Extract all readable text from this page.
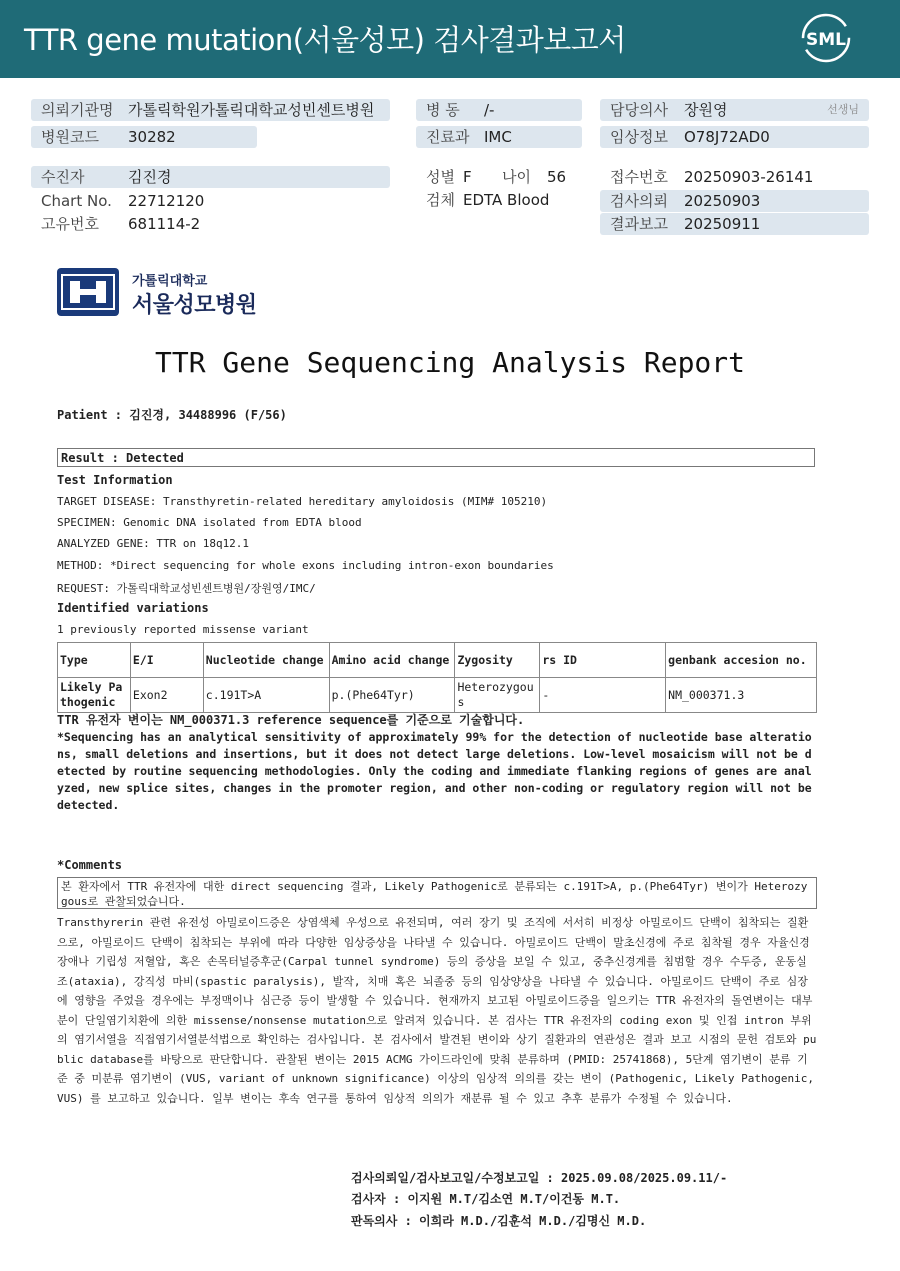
TTR gene mutation(서울성모) 검사결과보고서	SML
의뢰기관명 가톨릭학원가톨릭대학교성빈센트병원
병원코드 30282
수진자	김진경
Chart No. 22712120
고유번호 681114-2
병 동 /-
진료과 IMC
성별 F 나이 56
검체 EDTA Blood
담당의사 장원영	선생님
임상정보 O78J72AD0
접수번호 20250903-26141
검사의뢰 20250903
결과보고 20250911
가톨릭대학교
서울성모병원
TTR Gene Sequencing Analysis Report
Patient : 김진경, 34488996 (F/56)
Result : Detected
Test Information
TARGET DISEASE: Transthyretin-related hereditary amyloidosis (MIM# 105210)
SPECIMEN: Genomic DNA isolated from EDTA blood
ANALYZED GENE: TTR on 18q12.1
METHOD: *Direct sequencing for whole exons including intron-exon boundaries
REQUEST: 가톨릭대학교성빈센트병원/장원영/IMC/
Identified variations
1 previously reported missense variant
Type	E/I	Nucleotide change	Amino acid change	Zygosity	rs ID	genbank accesion no.
Likely Pathogenic	Exon2	c.191T>A	p.(Phe64Tyr)	Heterozygous	-	NM_000371.3
TTR 유전자 변이는 NM_000371.3 reference sequence를 기준으로 기술합니다.
*Sequencing has an analytical sensitivity of approximately 99% for the detection of nucleotide base alterations, small deletions and insertions, but it does not detect large deletions. Low-level mosaicism will not be detected by routine sequencing methodologies. Only the coding and immediate flanking regions of genes are analyzed, new splice sites, changes in the promoter region, and other non-coding or regulatory region will not be detected.
*Comments
본 환자에서 TTR 유전자에 대한 direct sequencing 결과, Likely Pathogenic로 분류되는 c.191T>A, p.(Phe64Tyr) 변이가 Heterozygous로 관찰되었습니다.
Transthyrerin 관련 유전성 아밀로이드증은 상염색체 우성으로 유전되며, 여러 장기 및 조직에 서서히 비정상 아밀로이드 단백이 침착되는 질환으로, 아밀로이드 단백이 침착되는 부위에 따라 다양한 임상증상을 나타낼 수 있습니다. 아밀로이드 단백이 말초신경에 주로 침착될 경우 자율신경장애나 기립성 저혈압, 혹은 손목터널증후군(Carpal tunnel syndrome) 등의 증상을 보일 수 있고, 중추신경계를 침범할 경우 수두증, 운동실조(ataxia), 강직성 마비(spastic paralysis), 발작, 치매 혹은 뇌졸중 등의 임상양상을 나타낼 수 있습니다. 아밀로이드 단백이 주로 심장에 영향을 주었을 경우에는 부정맥이나 심근증 등이 발생할 수 있습니다. 현재까지 보고된 아밀로이드증을 일으키는 TTR 유전자의 돌연변이는 대부분이 단일염기치환에 의한 missense/nonsense mutation으로 알려져 있습니다. 본 검사는 TTR 유전자의 coding exon 및 인접 intron 부위의 염기서열을 직접염기서열분석법으로 확인하는 검사입니다. 본 검사에서 발견된 변이와 상기 질환과의 연관성은 결과 보고 시점의 문헌 검토와 public database를 바탕으로 판단합니다. 관찰된 변이는 2015 ACMG 가이드라인에 맞춰 분류하며 (PMID: 25741868), 5단계 염기변이 분류 기준 중 미분류 염기변이 (VUS, variant of unknown significance) 이상의 임상적 의의를 갖는 변이 (Pathogenic, Likely Pathogenic, VUS) 를 보고하고 있습니다. 일부 변이는 후속 연구를 통하여 임상적 의의가 재분류 될 수 있고 추후 분류가 수정될 수 있습니다.
검사의뢰일/검사보고일/수정보고일 : 2025.09.08/2025.09.11/-
검사자 : 이지원 M.T/김소연 M.T/이건동 M.T.
판독의사 : 이희라 M.D./김훈석 M.D./김명신 M.D.
